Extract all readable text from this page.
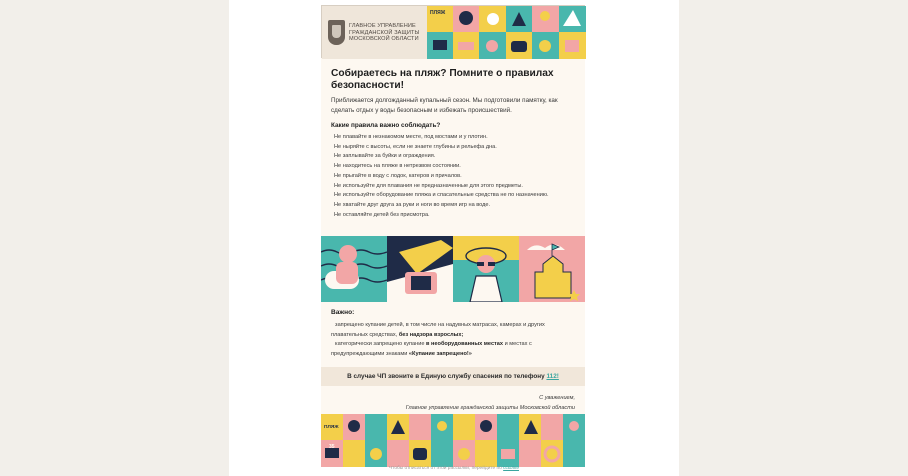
ГЛАВНОЕ УПРАВЛЕНИЕ ГРАЖДАНСКОЙ ЗАЩИТЫ МОСКОВСКОЙ ОБЛАСТИ
ПЛЯЖ
Собираетесь на пляж? Помните о правилах безопасности!
Приближается долгожданный купальный сезон. Мы подготовили памятку, как сделать отдых у воды безопасным и избежать происшествий.
Какие правила важно соблюдать?
Не плавайте в незнакомом месте, под мостами и у плотин.
Не ныряйте с высоты, если не знаете глубины и рельефа дна.
Не заплывайте за буйки и ограждения.
Не находитесь на пляже в нетрезвом состоянии.
Не прыгайте в воду с лодок, катеров и причалов.
Не используйте для плавания не предназначенные для этого предметы.
Не используйте оборудование пляжа и спасательные средства не по назначению.
Не хватайте друг друга за руки и ноги во время игр на воде.
Не оставляйте детей без присмотра.
Важно:

запрещено купание детей, в том числе на надувных матрасах, камерах и других плавательных средствах, без надзора взрослых;

категорически запрещено купание в необорудованных местах и местах с предупреждающими знаками «Купание запрещено!»

В случае ЧП звоните в Единую службу спасения по телефону 112!
С уважением,
Главное управление гражданской защиты Московской области
ПЛЯЖ
35
Чтобы отписаться от этой рассылки, перейдите по ссылке
